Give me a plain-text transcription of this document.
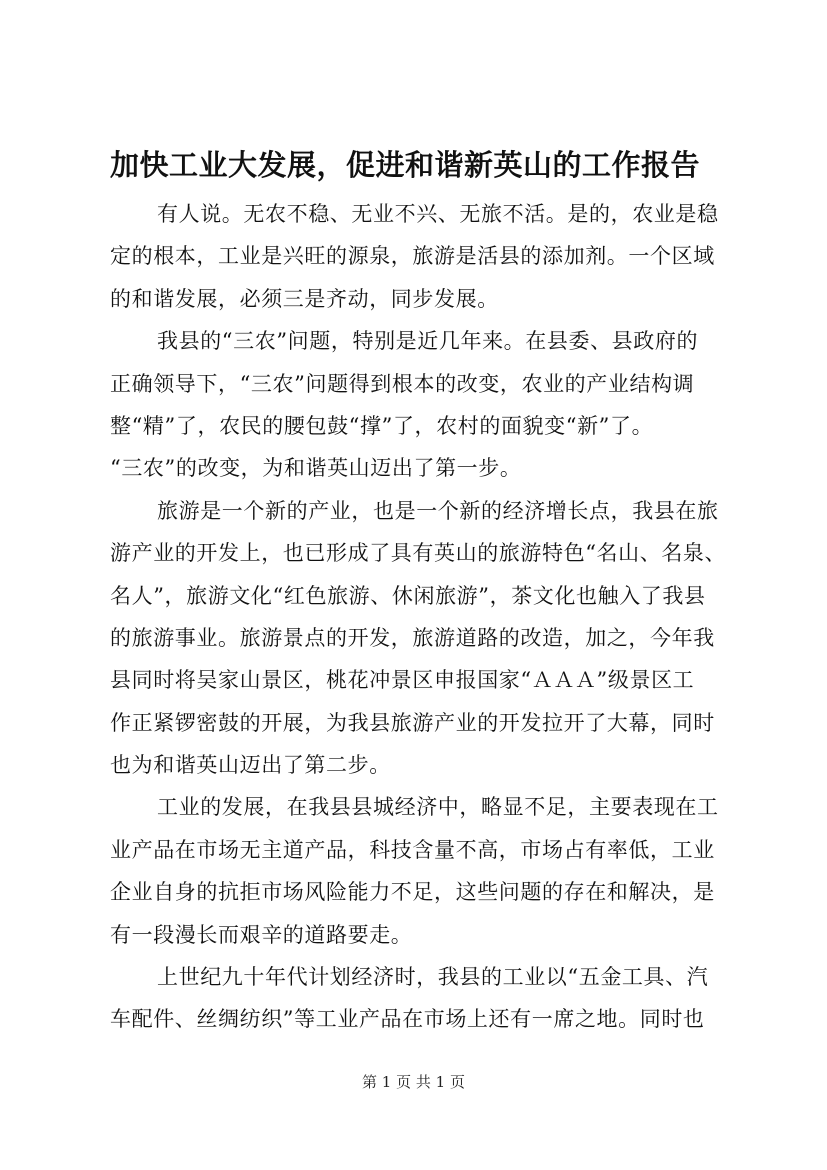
加快工业大发展，促进和谐新英山的工作报告
有人说。无农不稳、无业不兴、无旅不活。是的，农业是稳
定的根本，工业是兴旺的源泉，旅游是活县的添加剂。一个区域
的和谐发展，必须三是齐动，同步发展。
我县的“三农”问题，特别是近几年来。在县委、县政府的
正确领导下，“三农”问题得到根本的改变，农业的产业结构调
整“精”了，农民的腰包鼓“撑”了，农村的面貌变“新”了。
“三农”的改变，为和谐英山迈出了第一步。
旅游是一个新的产业，也是一个新的经济增长点，我县在旅
游产业的开发上，也已形成了具有英山的旅游特色“名山、名泉、
名人”，旅游文化“红色旅游、休闲旅游”，茶文化也触入了我县
的旅游事业。旅游景点的开发，旅游道路的改造，加之，今年我
县同时将吴家山景区，桃花冲景区申报国家“ＡＡＡ”级景区工
作正紧锣密鼓的开展，为我县旅游产业的开发拉开了大幕，同时
也为和谐英山迈出了第二步。
工业的发展，在我县县城经济中，略显不足，主要表现在工
业产品在市场无主道产品，科技含量不高，市场占有率低，工业
企业自身的抗拒市场风险能力不足，这些问题的存在和解决，是
有一段漫长而艰辛的道路要走。
上世纪九十年代计划经济时，我县的工业以“五金工具、汽
车配件、丝绸纺织”等工业产品在市场上还有一席之地。同时也
第 1 页 共 1 页
